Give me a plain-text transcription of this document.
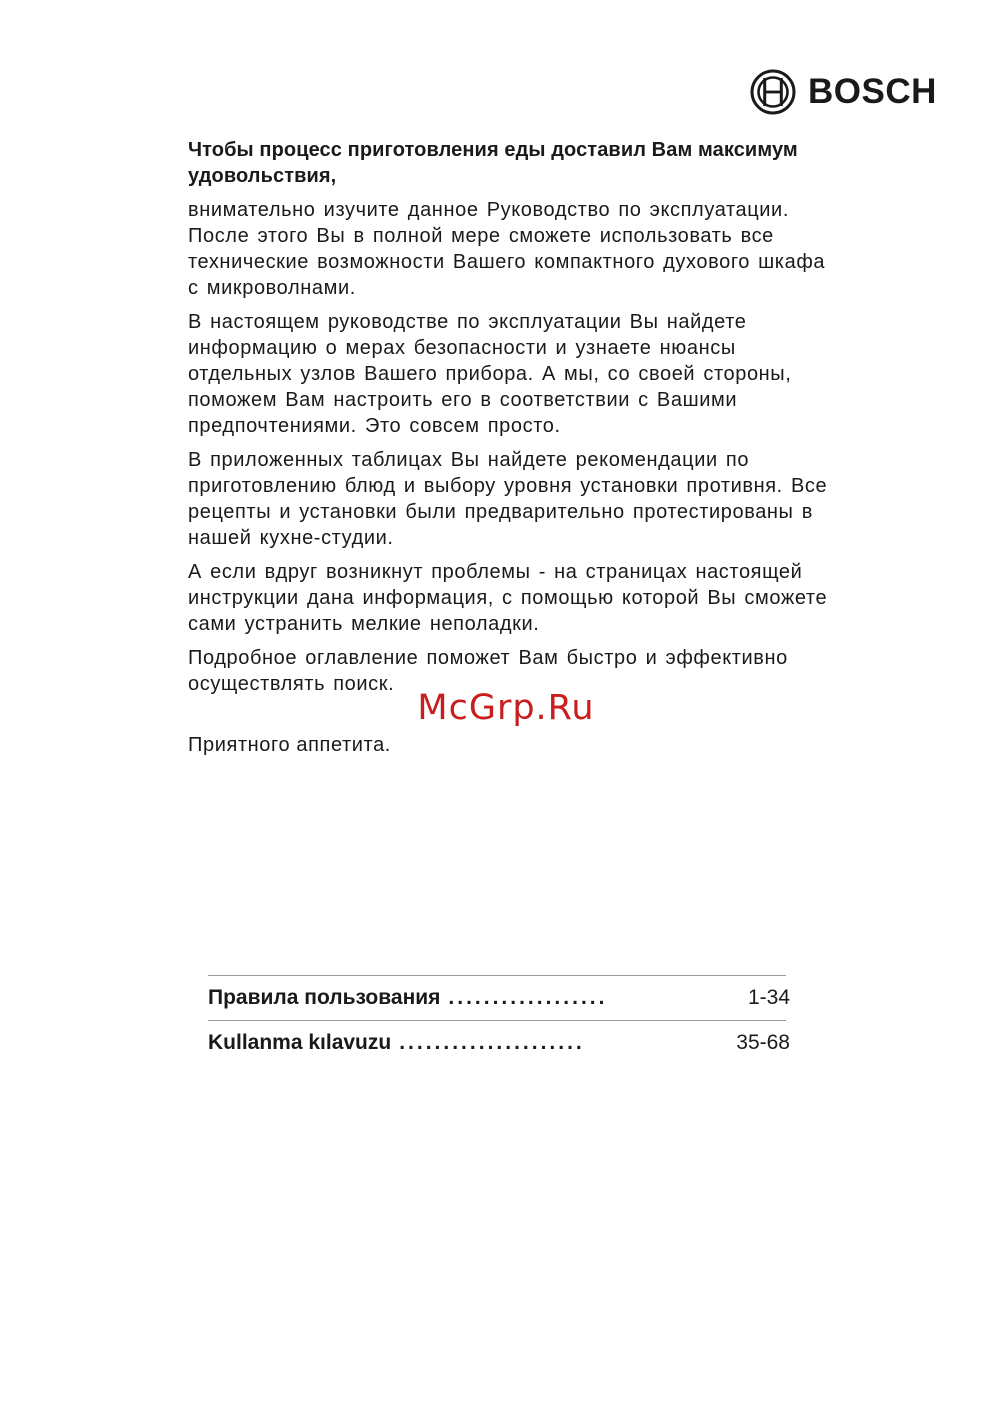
BOSCH

Чтобы процесс приготовления еды доставил Вам максимум удовольствия,

внимательно изучите данное Руководство по эксплуатации. После этого Вы в полной мере сможете использовать все технические возможности Вашего компактного духового шкафа с микроволнами.

В настоящем руководстве по эксплуатации Вы найдете информацию о мерах безопасности и узнаете нюансы отдельных узлов Вашего прибора. А мы, со своей стороны, поможем Вам настроить его в соответствии с Вашими предпочтениями. Это совсем просто.

В приложенных таблицах Вы найдете рекомендации по приготовлению блюд и выбору уровня установки противня. Все рецепты и установки были предварительно протестированы в нашей кухне-студии.

А если вдруг возникнут проблемы - на страницах настоящей инструкции дана информация, с помощью которой Вы сможете сами устранить мелкие неполадки.

Подробное оглавление поможет Вам быстро и эффективно осуществлять поиск.

McGrp.Ru
Приятного аппетита.
Правила пользования ..................	1-34
Kullanma kılavuzu .....................	35-68
